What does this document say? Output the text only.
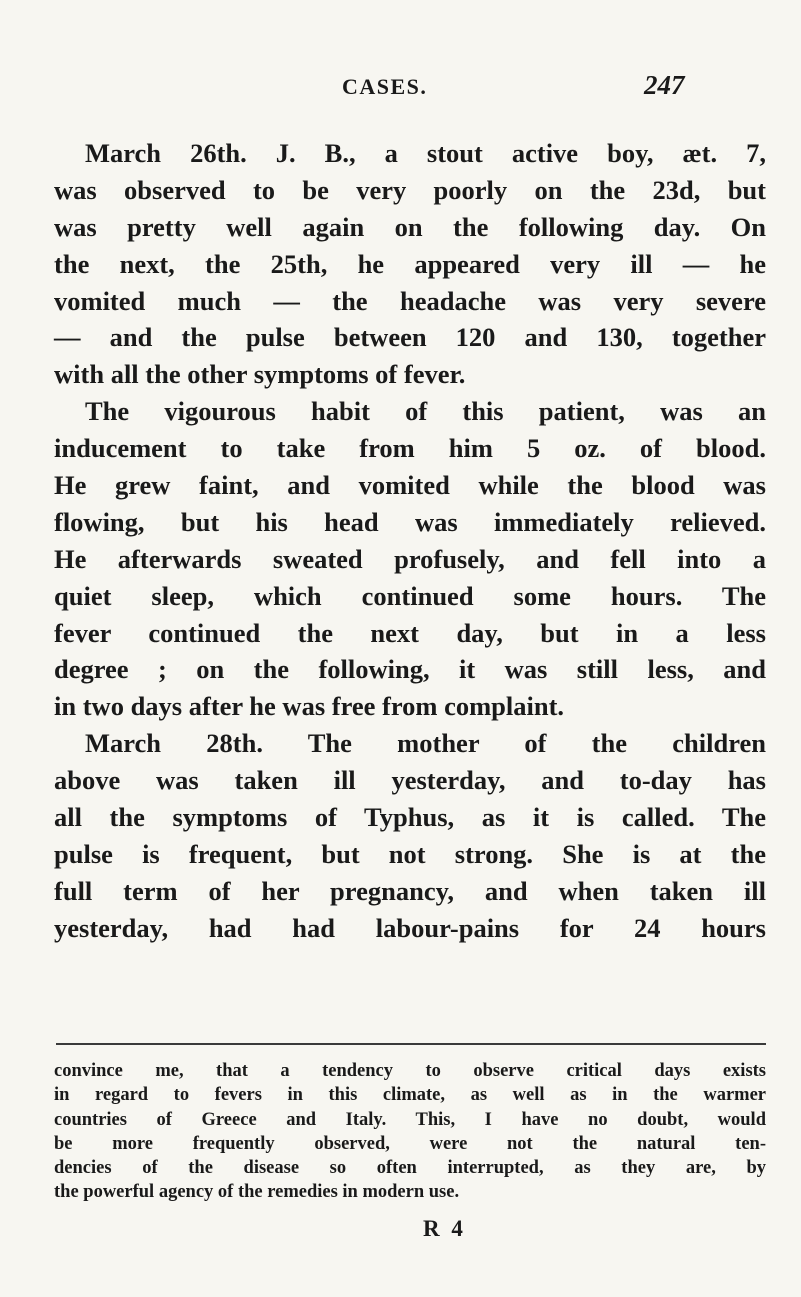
CASES.	247
March 26th. J. B., a stout active boy, æt. 7,
was observed to be very poorly on the 23d, but
was pretty well again on the following day. On
the next, the 25th, he appeared very ill — he
vomited much — the headache was very severe
— and the pulse between 120 and 130, together
with all the other symptoms of fever.
The vigourous habit of this patient, was an
inducement to take from him 5 oz. of blood.
He grew faint, and vomited while the blood was
flowing, but his head was immediately relieved.
He afterwards sweated profusely, and fell into a
quiet sleep, which continued some hours. The
fever continued the next day, but in a less
degree ; on the following, it was still less, and
in two days after he was free from complaint.
March 28th. The mother of the children
above was taken ill yesterday, and to-day has
all the symptoms of Typhus, as it is called. The
pulse is frequent, but not strong. She is at the
full term of her pregnancy, and when taken ill
yesterday, had had labour-pains for 24 hours
convince me, that a tendency to observe critical days exists
in regard to fevers in this climate, as well as in the warmer
countries of Greece and Italy. This, I have no doubt, would
be more frequently observed, were not the natural ten-
dencies of the disease so often interrupted, as they are, by
the powerful agency of the remedies in modern use.
R 4
